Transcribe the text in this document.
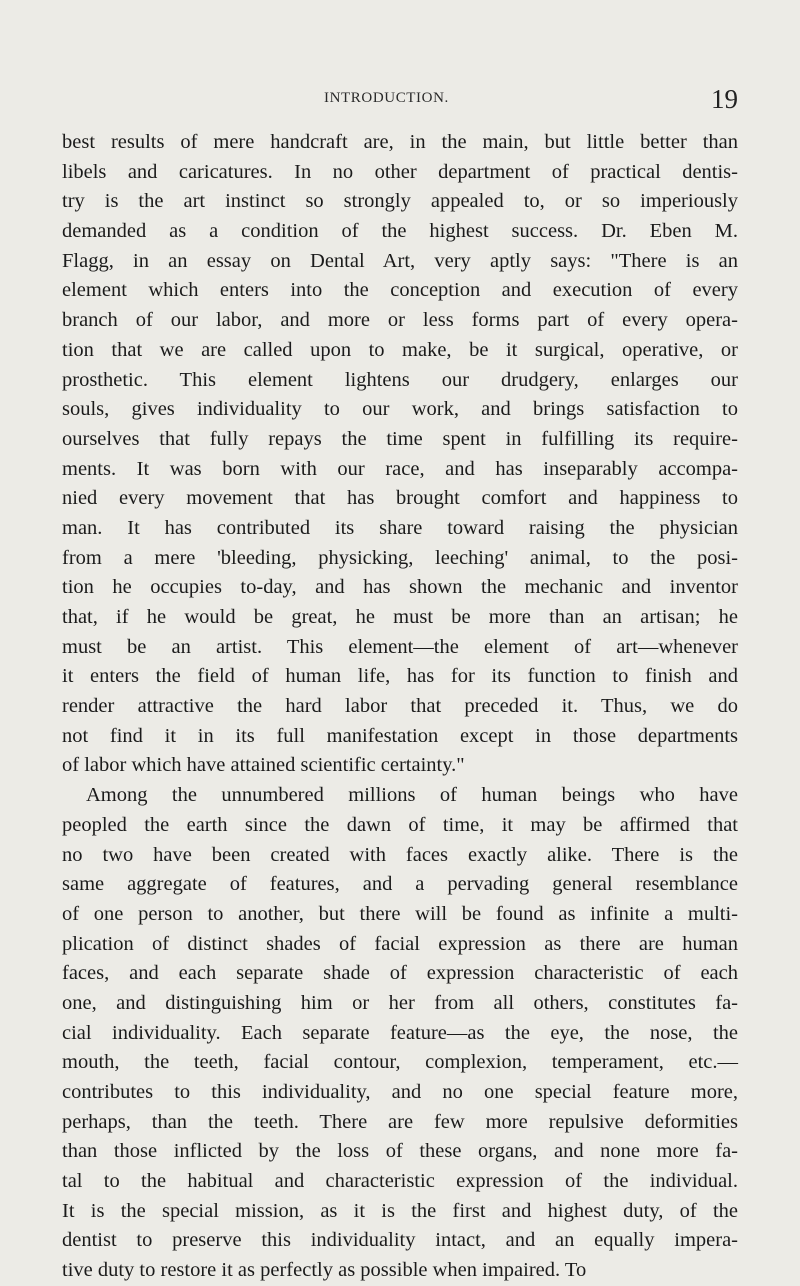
INTRODUCTION.	19
best results of mere handcraft are, in the main, but little better than
libels and caricatures. In no other department of practical dentis-
try is the art instinct so strongly appealed to, or so imperiously
demanded as a condition of the highest success. Dr. Eben M.
Flagg, in an essay on Dental Art, very aptly says: "There is an
element which enters into the conception and execution of every
branch of our labor, and more or less forms part of every opera-
tion that we are called upon to make, be it surgical, operative, or
prosthetic. This element lightens our drudgery, enlarges our
souls, gives individuality to our work, and brings satisfaction to
ourselves that fully repays the time spent in fulfilling its require-
ments. It was born with our race, and has inseparably accompa-
nied every movement that has brought comfort and happiness to
man. It has contributed its share toward raising the physician
from a mere 'bleeding, physicking, leeching' animal, to the posi-
tion he occupies to-day, and has shown the mechanic and inventor
that, if he would be great, he must be more than an artisan; he
must be an artist. This element—the element of art—whenever
it enters the field of human life, has for its function to finish and
render attractive the hard labor that preceded it. Thus, we do
not find it in its full manifestation except in those departments
of labor which have attained scientific certainty."
Among the unnumbered millions of human beings who have
peopled the earth since the dawn of time, it may be affirmed that
no two have been created with faces exactly alike. There is the
same aggregate of features, and a pervading general resemblance
of one person to another, but there will be found as infinite a multi-
plication of distinct shades of facial expression as there are human
faces, and each separate shade of expression characteristic of each
one, and distinguishing him or her from all others, constitutes fa-
cial individuality. Each separate feature—as the eye, the nose, the
mouth, the teeth, facial contour, complexion, temperament, etc.—
contributes to this individuality, and no one special feature more,
perhaps, than the teeth. There are few more repulsive deformities
than those inflicted by the loss of these organs, and none more fa-
tal to the habitual and characteristic expression of the individual.
It is the special mission, as it is the first and highest duty, of the
dentist to preserve this individuality intact, and an equally impera-
tive duty to restore it as perfectly as possible when impaired. To
